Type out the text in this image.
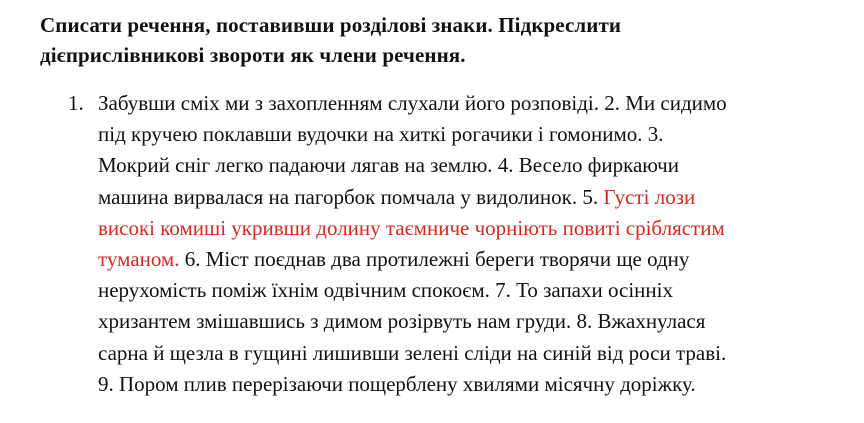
Списати речення, поставивши розділові знаки. Підкреслити
дієприслівникові звороти як члени речення.
1. Забувши сміх ми з захопленням слухали його розповіді. 2. Ми сидимо
під кручею поклавши вудочки на хиткі рогачики і гомонимо. 3.
Мокрий сніг легко падаючи лягав на землю. 4. Весело фиркаючи
машина вирвалася на пагорбок помчала у видолинок. 5. Густі лози
високі комиші укривши долину таємниче чорніють повиті сріблястим
туманом. 6. Міст поєднав два протилежні береги творячи ще одну
нерухомість поміж їхнім одвічним спокоєм. 7. То запахи осінніх
хризантем змішавшись з димом розірвуть нам груди. 8. Вжахнулася
сарна й щезла в гущині лишивши зелені сліди на синій від роси траві.
9. Пором плив перерізаючи пощерблену хвилями місячну доріжку.
